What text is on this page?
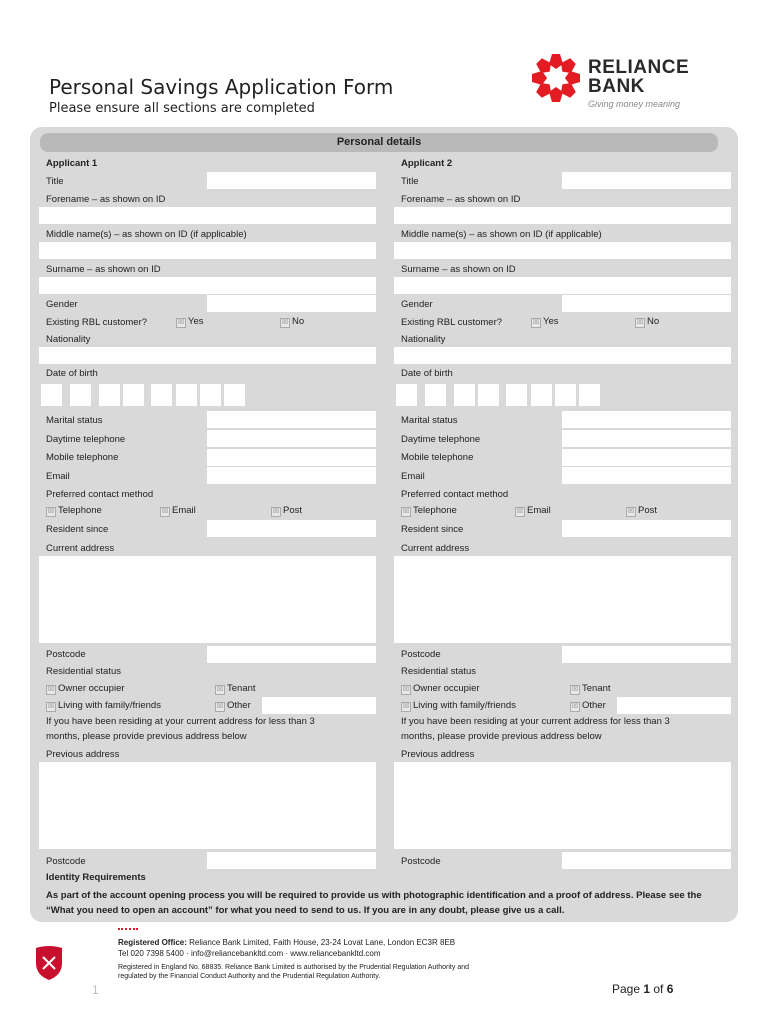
Personal Savings Application Form
Please ensure all sections are completed
RELIANCE
BANK
Giving money meaning
Personal details
Applicant 1
Title
Forename – as shown on ID
Middle name(s) – as shown on ID (if applicable)
Surname – as shown on ID
Gender
Existing RBL customer?	☒ Yes	☒ No
Nationality
Date of birth
Marital status
Daytime telephone
Mobile telephone
Email
Preferred contact method
☒ Telephone	☒ Email	☒ Post
Resident since
Current address
Postcode
Residential status
☒ Owner occupier	☒ Tenant
☒ Living with family/friends	☒ Other
If you have been residing at your current address for less than 3
months, please provide previous address below
Previous address
Postcode
Applicant 2
Title
Forename – as shown on ID
Middle name(s) – as shown on ID (if applicable)
Surname – as shown on ID
Gender
Existing RBL customer?	☒ Yes	☒ No
Nationality
Date of birth
Marital status
Daytime telephone
Mobile telephone
Email
Preferred contact method
☒ Telephone	☒ Email	☒ Post
Resident since
Current address
Postcode
Residential status
☒ Owner occupier	☒ Tenant
☒ Living with family/friends	☒ Other
If you have been residing at your current address for less than 3
months, please provide previous address below
Previous address
Postcode
Identity Requirements
As part of the account opening process you will be required to provide us with photographic identification and a proof of address. Please see the “What you need to open an account” for what you need to send to us. If you are in any doubt, please give us a call.
Registered Office: Reliance Bank Limited, Faith House, 23-24 Lovat Lane, London EC3R 8EB
Tel 020 7398 5400 · info@reliancebankltd.com · www.reliancebankltd.com
Registered in England No. 68835. Reliance Bank Limited is authorised by the Prudential Regulation Authority and
regulated by the Financial Conduct Authority and the Prudential Regulation Authority.
1	Page 1 of 6
